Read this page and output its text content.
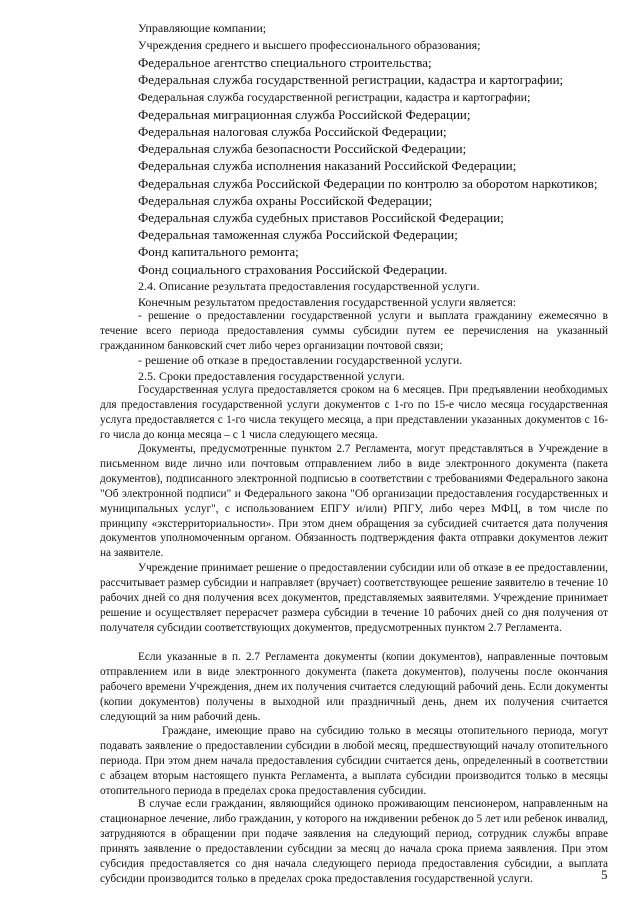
Управляющие компании;

Учреждения среднего и высшего профессионального образования;

Федеральное агентство специального строительства;

Федеральная служба государственной регистрации, кадастра и картографии;

Федеральная служба государственной регистрации, кадастра и картографии;

Федеральная миграционная служба Российской Федерации;

Федеральная налоговая служба Российской Федерации;

Федеральная служба безопасности Российской Федерации;

Федеральная служба исполнения наказаний Российской Федерации;

Федеральная служба Российской Федерации по контролю за оборотом наркотиков;

Федеральная служба охраны Российской Федерации;

Федеральная служба судебных приставов Российской Федерации;

Федеральная таможенная служба Российской Федерации;

Фонд капитального ремонта;

Фонд социального страхования Российской Федерации.

2.4. Описание результата предоставления государственной услуги.

Конечным результатом предоставления государственной услуги является:

- решение о предоставлении государственной услуги и выплата гражданину ежемесячно в течение всего периода предоставления суммы субсидии путем ее перечисления на указанный гражданином банковский счет либо через организации почтовой связи;

- решение об отказе в предоставлении государственной услуги.

2.5. Сроки предоставления государственной услуги.

Государственная услуга предоставляется сроком на 6 месяцев. При предъявлении необходимых для предоставления государственной услуги документов с 1-го по 15-е число месяца государственная услуга предоставляется с 1-го числа текущего месяца, а при представлении указанных документов с 16-го числа до конца месяца – с 1 числа следующего месяца.

Документы, предусмотренные пунктом 2.7 Регламента, могут представляться в Учреждение в письменном виде лично или почтовым отправлением либо в виде электронного документа (пакета документов), подписанного электронной подписью в соответствии с требованиями Федерального закона "Об электронной подписи" и Федерального закона "Об организации предоставления государственных и муниципальных услуг", с использованием ЕПГУ и/или) РПГУ, либо через МФЦ, в том числе по принципу «экстерриториальности». При этом днем обращения за субсидией считается дата получения документов уполномоченным органом. Обязанность подтверждения факта отправки документов лежит на заявителе.

Учреждение принимает решение о предоставлении субсидии или об отказе в ее предоставлении, рассчитывает размер субсидии и направляет (вручает) соответствующее решение заявителю в течение 10 рабочих дней со дня получения всех документов, представляемых заявителями. Учреждение принимает решение и осуществляет перерасчет размера субсидии в течение 10 рабочих дней со дня получения от получателя субсидии соответствующих документов, предусмотренных пунктом 2.7 Регламента.

Если указанные в п. 2.7 Регламента документы (копии документов), направленные почтовым отправлением или в виде электронного документа (пакета документов), получены после окончания рабочего времени Учреждения, днем их получения считается следующий рабочий день. Если документы (копии документов) получены в выходной или праздничный день, днем их получения считается следующий за ним рабочий день.

Граждане, имеющие право на субсидию только в месяцы отопительного периода, могут подавать заявление о предоставлении субсидии в любой месяц, предшествующий началу отопительного периода. При этом днем начала предоставления субсидии считается день, определенный в соответствии с абзацем вторым настоящего пункта Регламента, а выплата субсидии производится только в месяцы отопительного периода в пределах срока предоставления субсидии.

В случае если гражданин, являющийся одиноко проживающим пенсионером, направленным на стационарное лечение, либо гражданин, у которого на иждивении ребенок до 5 лет или ребенок инвалид, затрудняются в обращении при подаче заявления на следующий период, сотрудник службы вправе принять заявление о предоставлении субсидии за месяц до начала срока приема заявления. При этом субсидия предоставляется со дня начала следующего периода предоставления субсидии, а выплата субсидии производится только в пределах срока предоставления государственной услуги.	5
